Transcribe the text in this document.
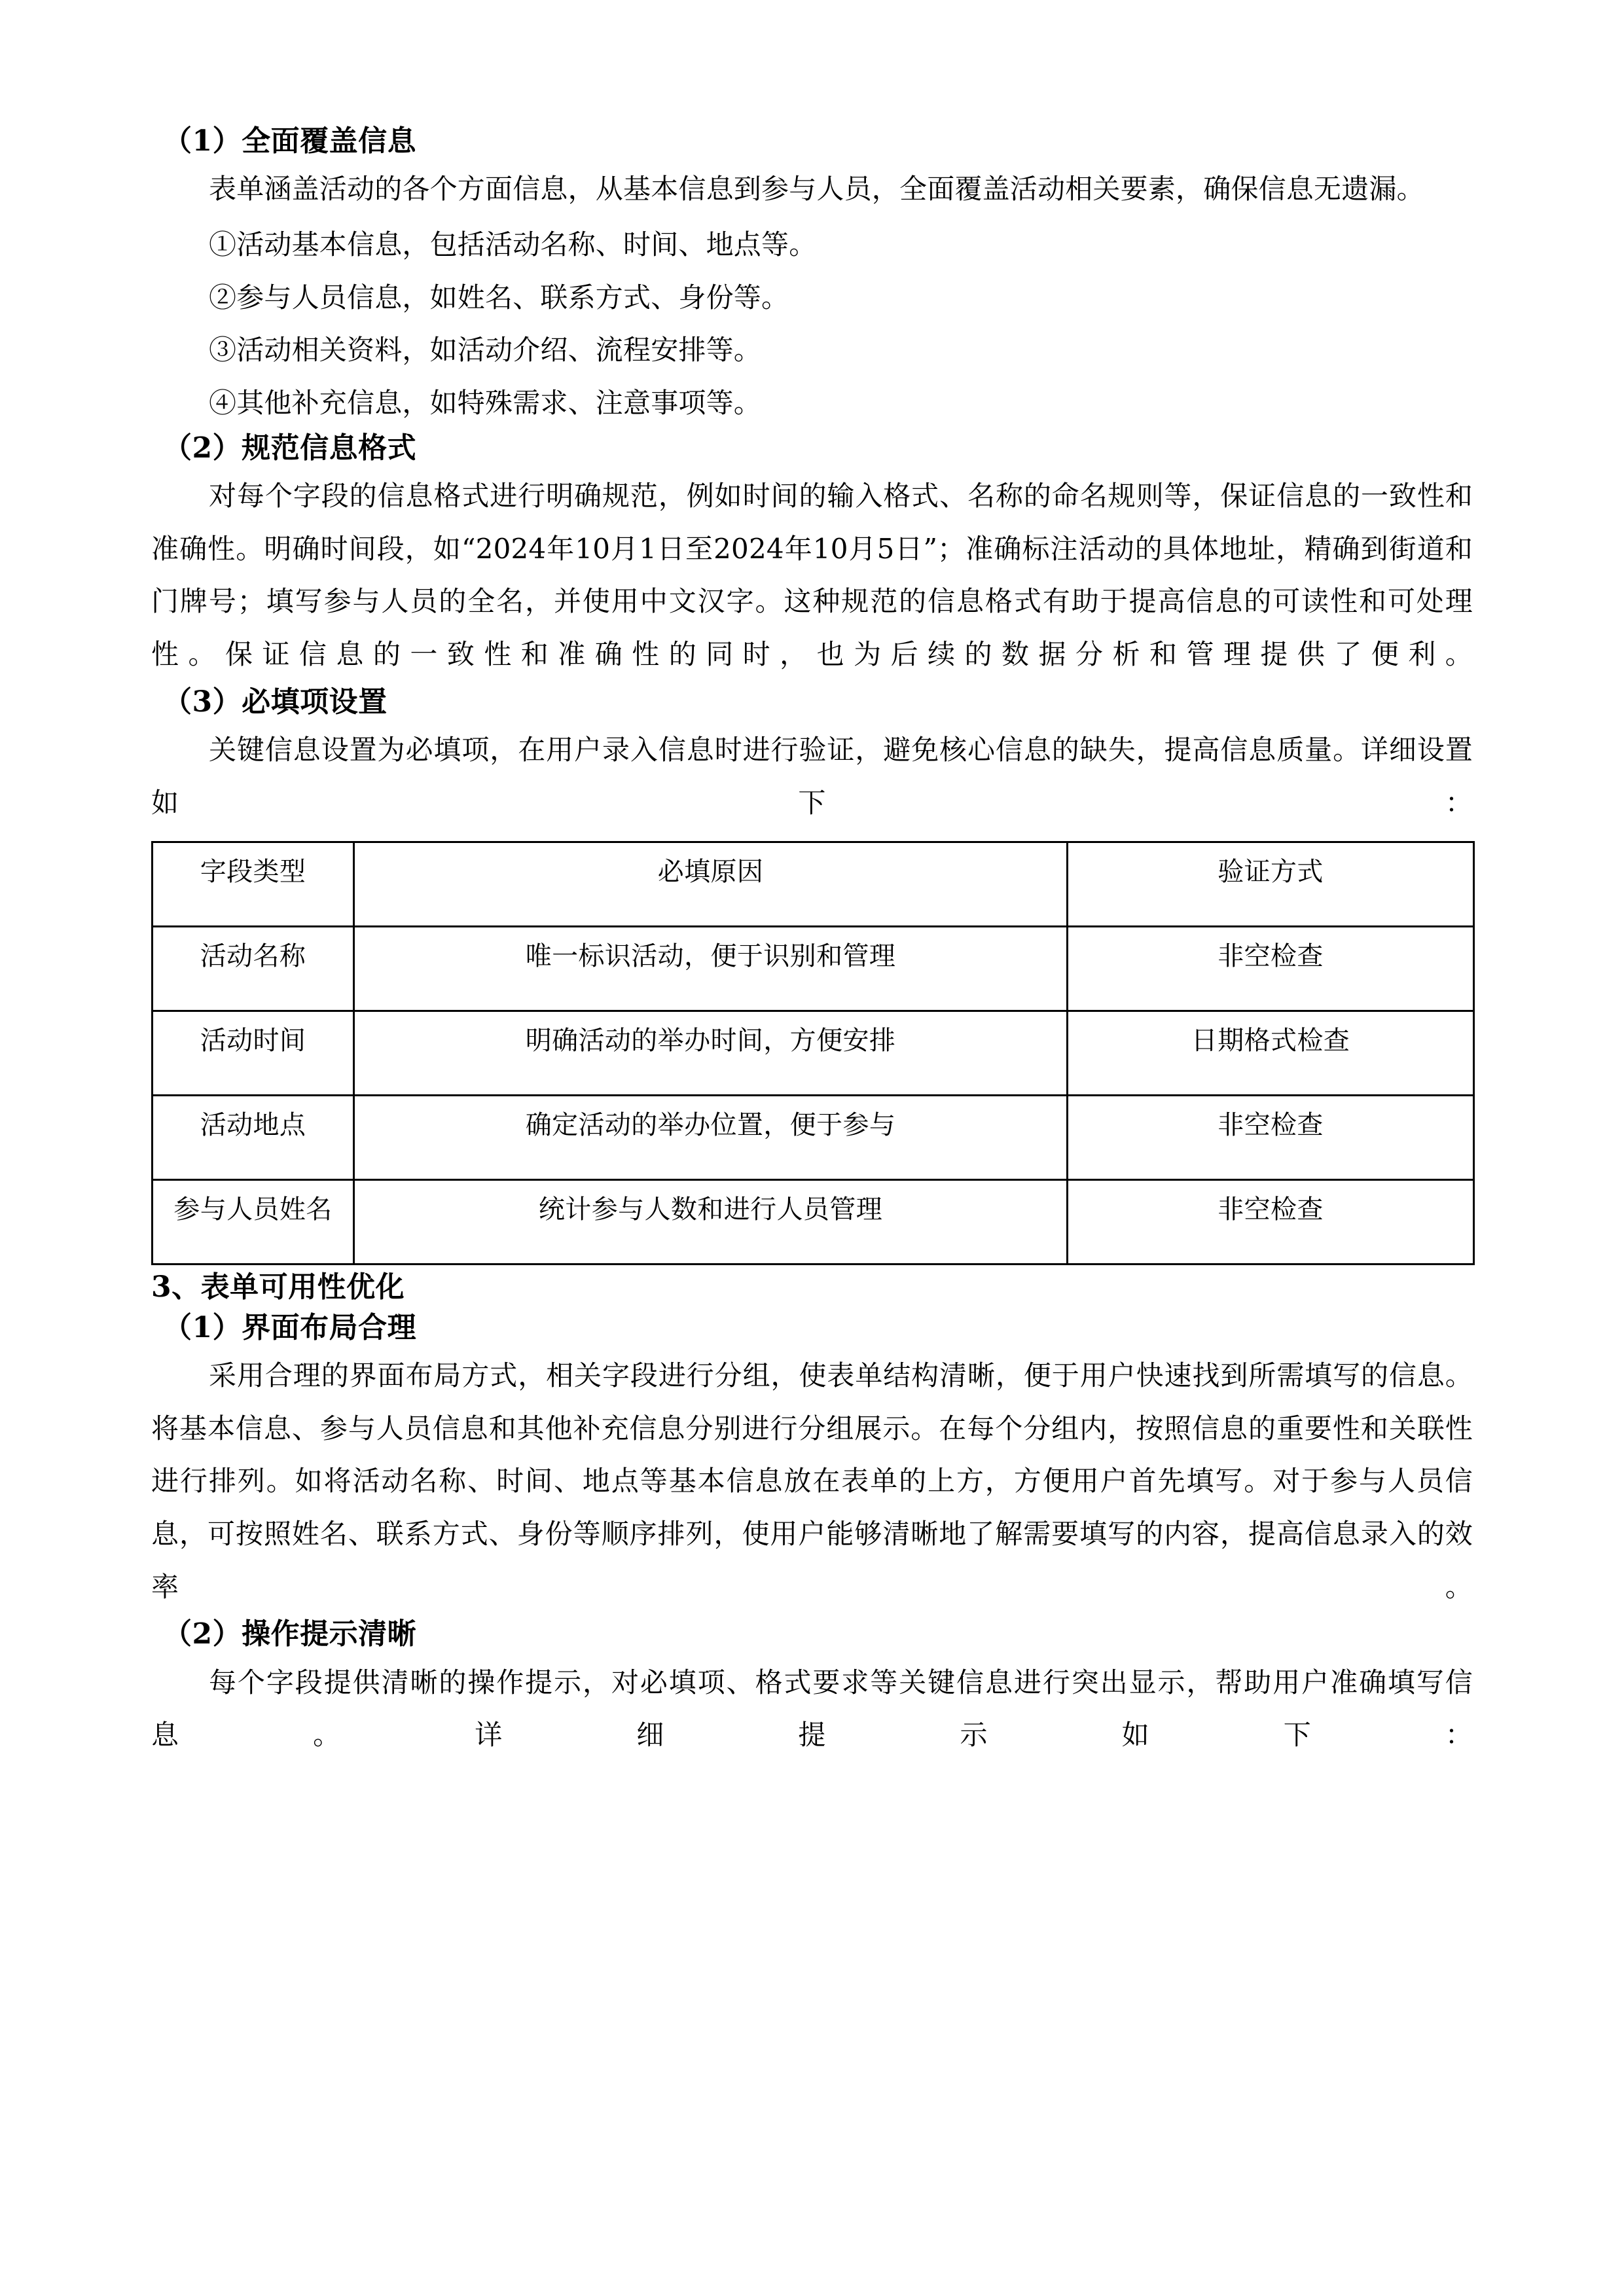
（1）全面覆盖信息

表单涵盖活动的各个方面信息，从基本信息到参与人员，全面覆盖活动相关要素，确保信息无遗漏。

①活动基本信息，包括活动名称、时间、地点等。

②参与人员信息，如姓名、联系方式、身份等。

③活动相关资料，如活动介绍、流程安排等。

④其他补充信息，如特殊需求、注意事项等。

（2）规范信息格式

对每个字段的信息格式进行明确规范，例如时间的输入格式、名称的命名规则等，保证信息的一致性和准确性。明确时间段，如“2024年10月1日至2024年10月5日”；准确标注活动的具体地址，精确到街道和门牌号；填写参与人员的全名，并使用中文汉字。这种规范的信息格式有助于提高信息的可读性和可处理性。保证信息的一致性和准确性的同时，也为后续的数据分析和管理提供了便利。

（3）必填项设置

关键信息设置为必填项，在用户录入信息时进行验证，避免核心信息的缺失，提高信息质量。详细设置如下：

字段类型	必填原因	验证方式
活动名称	唯一标识活动，便于识别和管理	非空检查
活动时间	明确活动的举办时间，方便安排	日期格式检查
活动地点	确定活动的举办位置，便于参与	非空检查
参与人员姓名	统计参与人数和进行人员管理	非空检查
3、表单可用性优化
（1）界面布局合理

采用合理的界面布局方式，相关字段进行分组，使表单结构清晰，便于用户快速找到所需填写的信息。将基本信息、参与人员信息和其他补充信息分别进行分组展示。在每个分组内，按照信息的重要性和关联性进行排列。如将活动名称、时间、地点等基本信息放在表单的上方，方便用户首先填写。对于参与人员信息，可按照姓名、联系方式、身份等顺序排列，使用户能够清晰地了解需要填写的内容，提高信息录入的效率。

（2）操作提示清晰

每个字段提供清晰的操作提示，对必填项、格式要求等关键信息进行突出显示，帮助用户准确填写信息。详细提示如下：
